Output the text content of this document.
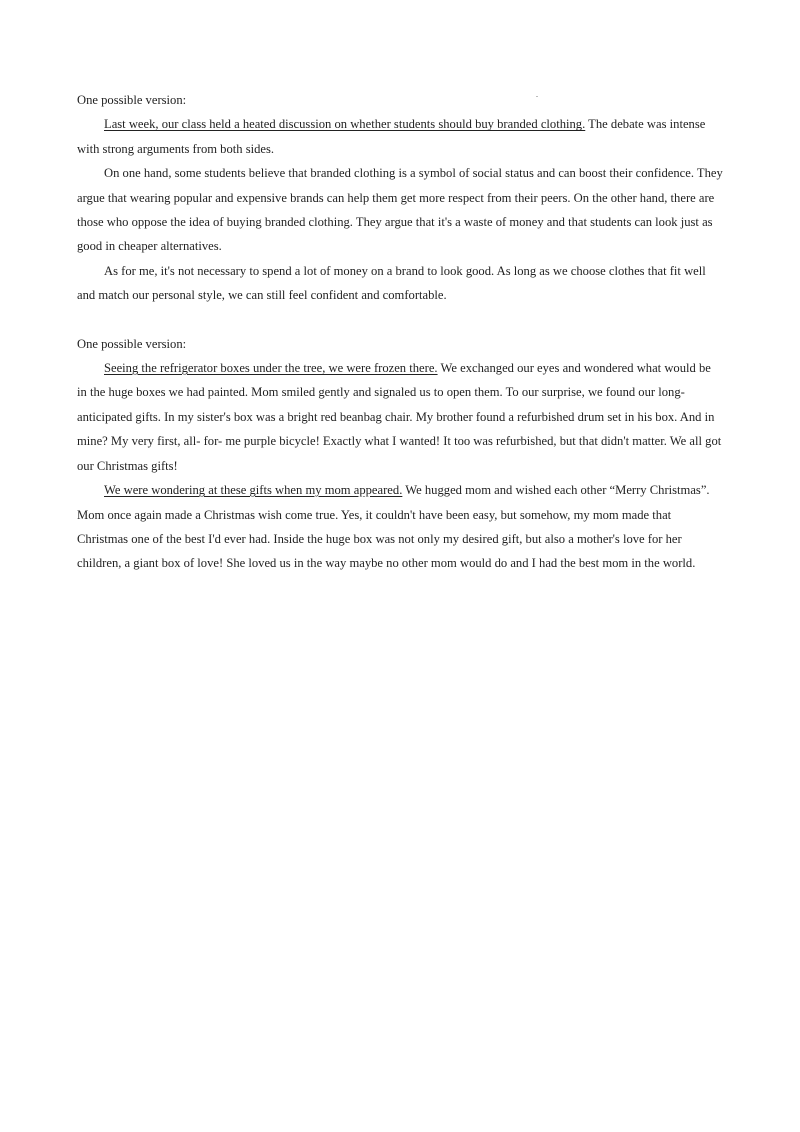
One possible version:

Last week, our class held a heated discussion on whether students should buy branded clothing. The debate was intense with strong arguments from both sides.

On one hand, some students believe that branded clothing is a symbol of social status and can boost their confidence. They argue that wearing popular and expensive brands can help them get more respect from their peers. On the other hand, there are those who oppose the idea of buying branded clothing. They argue that it's a waste of money and that students can look just as good in cheaper alternatives.

As for me, it's not necessary to spend a lot of money on a brand to look good. As long as we choose clothes that fit well and match our personal style, we can still feel confident and comfortable.

One possible version:

Seeing the refrigerator boxes under the tree, we were frozen there. We exchanged our eyes and wondered what would be in the huge boxes we had painted. Mom smiled gently and signaled us to open them. To our surprise, we found our long- anticipated gifts. In my sister's box was a bright red beanbag chair. My brother found a refurbished drum set in his box. And in mine? My very first, all- for- me purple bicycle! Exactly what I wanted! It too was refurbished, but that didn't matter. We all got our Christmas gifts!

We were wondering at these gifts when my mom appeared. We hugged mom and wished each other “Merry Christmas”. Mom once again made a Christmas wish come true. Yes, it couldn't have been easy, but somehow, my mom made that Christmas one of the best I'd ever had. Inside the huge box was not only my desired gift, but also a mother's love for her children, a giant box of love! She loved us in the way maybe no other mom would do and I had the best mom in the world.
